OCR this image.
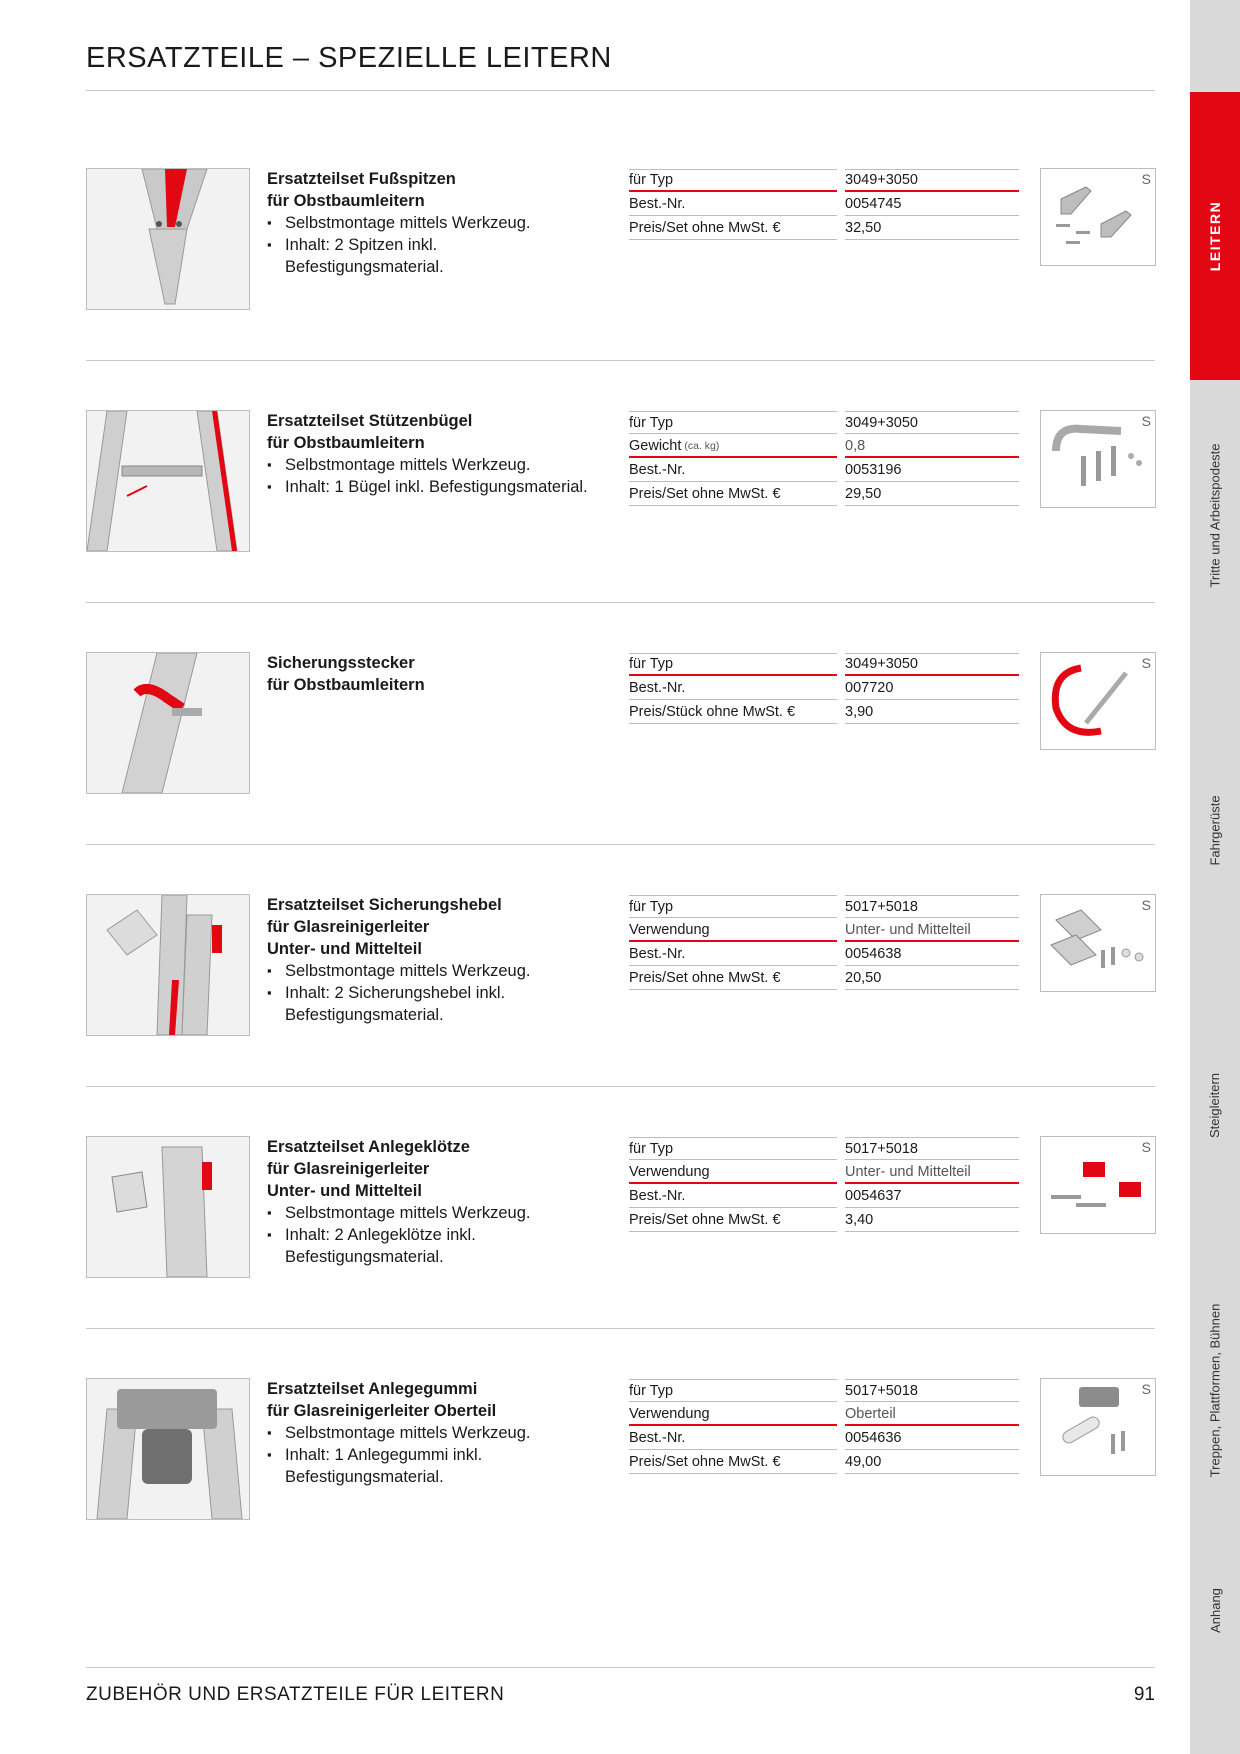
ERSATZTEILE – SPEZIELLE LEITERN
LEITERN
Tritte und Arbeitspodeste
Fahrgerüste
Steigleitern
Treppen, Plattformen, Bühnen
Anhang
Ersatzteilset Fußspitzen
für Obstbaumleitern
▪ Selbstmontage mittels Werkzeug.
▪ Inhalt: 2 Spitzen inkl. Befestigungsmaterial.
für Typ	3049+3050
Best.-Nr.	0054745
Preis/Set ohne MwSt. €	32,50
S
Ersatzteilset Stützenbügel
für Obstbaumleitern
▪ Selbstmontage mittels Werkzeug.
▪ Inhalt: 1 Bügel inkl. Befestigungsmaterial.
für Typ	3049+3050
Gewicht (ca. kg)	0,8
Best.-Nr.	0053196
Preis/Set ohne MwSt. €	29,50
S
Sicherungsstecker
für Obstbaumleitern
für Typ	3049+3050
Best.-Nr.	007720
Preis/Stück ohne MwSt. €	3,90
S
Ersatzteilset Sicherungshebel
für Glasreinigerleiter
Unter- und Mittelteil
▪ Selbstmontage mittels Werkzeug.
▪ Inhalt: 2 Sicherungshebel inkl. Befestigungsmaterial.
für Typ	5017+5018
Verwendung	Unter- und Mittelteil
Best.-Nr.	0054638
Preis/Set ohne MwSt. €	20,50
S
Ersatzteilset Anlegeklötze
für Glasreinigerleiter
Unter- und Mittelteil
▪ Selbstmontage mittels Werkzeug.
▪ Inhalt: 2 Anlegeklötze inkl. Befestigungsmaterial.
für Typ	5017+5018
Verwendung	Unter- und Mittelteil
Best.-Nr.	0054637
Preis/Set ohne MwSt. €	3,40
S
Ersatzteilset Anlegegummi
für Glasreinigerleiter Oberteil
▪ Selbstmontage mittels Werkzeug.
▪ Inhalt: 1 Anlegegummi inkl. Befestigungsmaterial.
für Typ	5017+5018
Verwendung	Oberteil
Best.-Nr.	0054636
Preis/Set ohne MwSt. €	49,00
S
ZUBEHÖR UND ERSATZTEILE FÜR LEITERN	91
